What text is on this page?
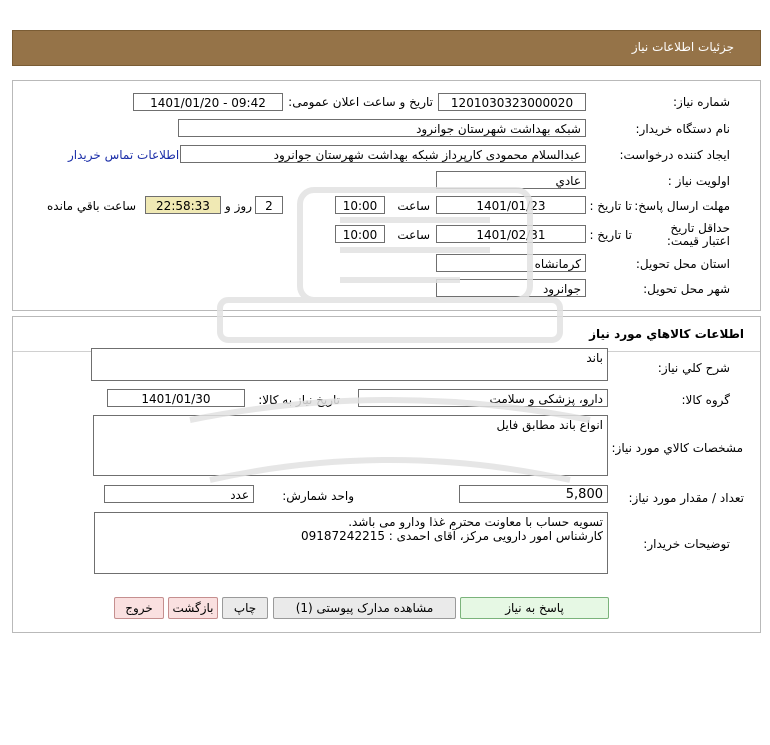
جزئیات اطلاعات نیاز
شماره نیاز:
1201030323000020
تاریخ و ساعت اعلان عمومی:
1401/01/20 - 09:42
نام دستگاه خریدار:
شبکه بهداشت شهرستان جوانرود
ایجاد کننده درخواست:
عبدالسلام محمودی کارپرداز شبکه بهداشت شهرستان جوانرود
اطلاعات تماس خریدار
اولویت نیاز :
عادي
مهلت ارسال پاسخ:
تا تاریخ :
1401/01/23
ساعت
10:00
2
روز و
22:58:33
ساعت باقي مانده
حداقل تاریخ اعتبار قیمت:
تا تاریخ :
1401/02/31
ساعت
10:00
استان محل تحویل:
کرمانشاه
شهر محل تحویل:
جوانرود
اطلاعات کالاهاي مورد نياز
شرح کلي نياز:
باند
گروه کالا:
دارو، پزشکی و سلامت
تاریخ نیاز به کالا:
1401/01/30
مشخصات کالاي مورد نياز:
انواع باند مطابق فایل
تعداد / مقدار مورد نیاز:
5,800
واحد شمارش:
عدد
توضیحات خریدار:
تسویه حساب با معاونت محترم غذا ودارو می باشد.
کارشناس امور دارویی مرکز، آقای احمدی : 09187242215
پاسخ به نیاز
مشاهده مدارک پیوستی (1)
چاپ
بازگشت
خروج
